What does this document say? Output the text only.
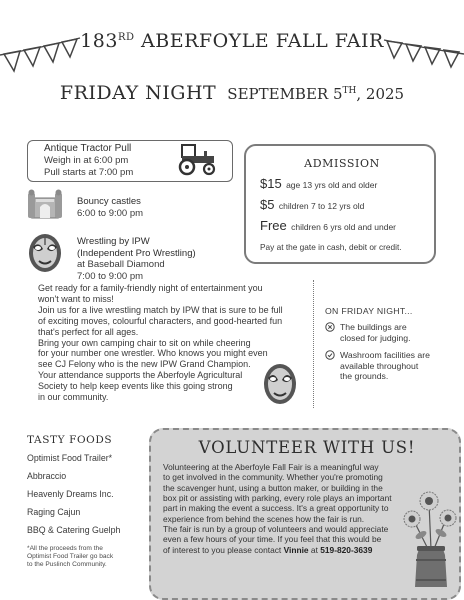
183RD ABERFOYLE FALL FAIR
FRIDAY NIGHT SEPTEMBER 5TH, 2025
Antique Tractor Pull
Weigh in at 6:00 pm
Pull starts at 7:00 pm
Bouncy castles
6:00 to 9:00 pm
Wrestling by IPW
(Independent Pro Wrestling)
at Baseball Diamond
7:00 to 9:00 pm
ADMISSION
$15 age 13 yrs old and older
$5 children 7 to 12 yrs old
Free children 6 yrs old and under
Pay at the gate in cash, debit or credit.

Get ready for a family-friendly night of entertainment you
won't want to miss!
Join us for a live wrestling match by IPW that is sure to be full
of exciting moves, colourful characters, and good-hearted fun
that's perfect for all ages.
Bring your own camping chair to sit on while cheering
for your number one wrestler. Who knows you might even
see CJ Felony who is the new IPW Grand Champion.
Your attendance supports the Aberfoyle Agricultural
Society to help keep events like this going strong
in our community.

ON FRIDAY NIGHT...
The buildings are
closed for judging.
Washroom facilities are
available throughout
the grounds.
TASTY FOODS
Optimist Food Trailer*
Abbraccio
Heavenly Dreams Inc.
Raging Cajun
BBQ & Catering Guelph
*All the proceeds from the
Optimist Food Trailer go back
to the Puslinch Community.
VOLUNTEER WITH US!
Volunteering at the Aberfoyle Fall Fair is a meaningful way
to get involved in the community. Whether you're promoting
the scavenger hunt, using a button maker, or building in the
box pit or assisting with parking, every role plays an important
part in making the event a success. It's a great opportunity to
experience from behind the scenes how the fair is run.
The fair is run by a group of volunteers and would appreciate
even a few hours of your time. If you feel that this would be
of interest to you please contact Vinnie at 519-820-3639
